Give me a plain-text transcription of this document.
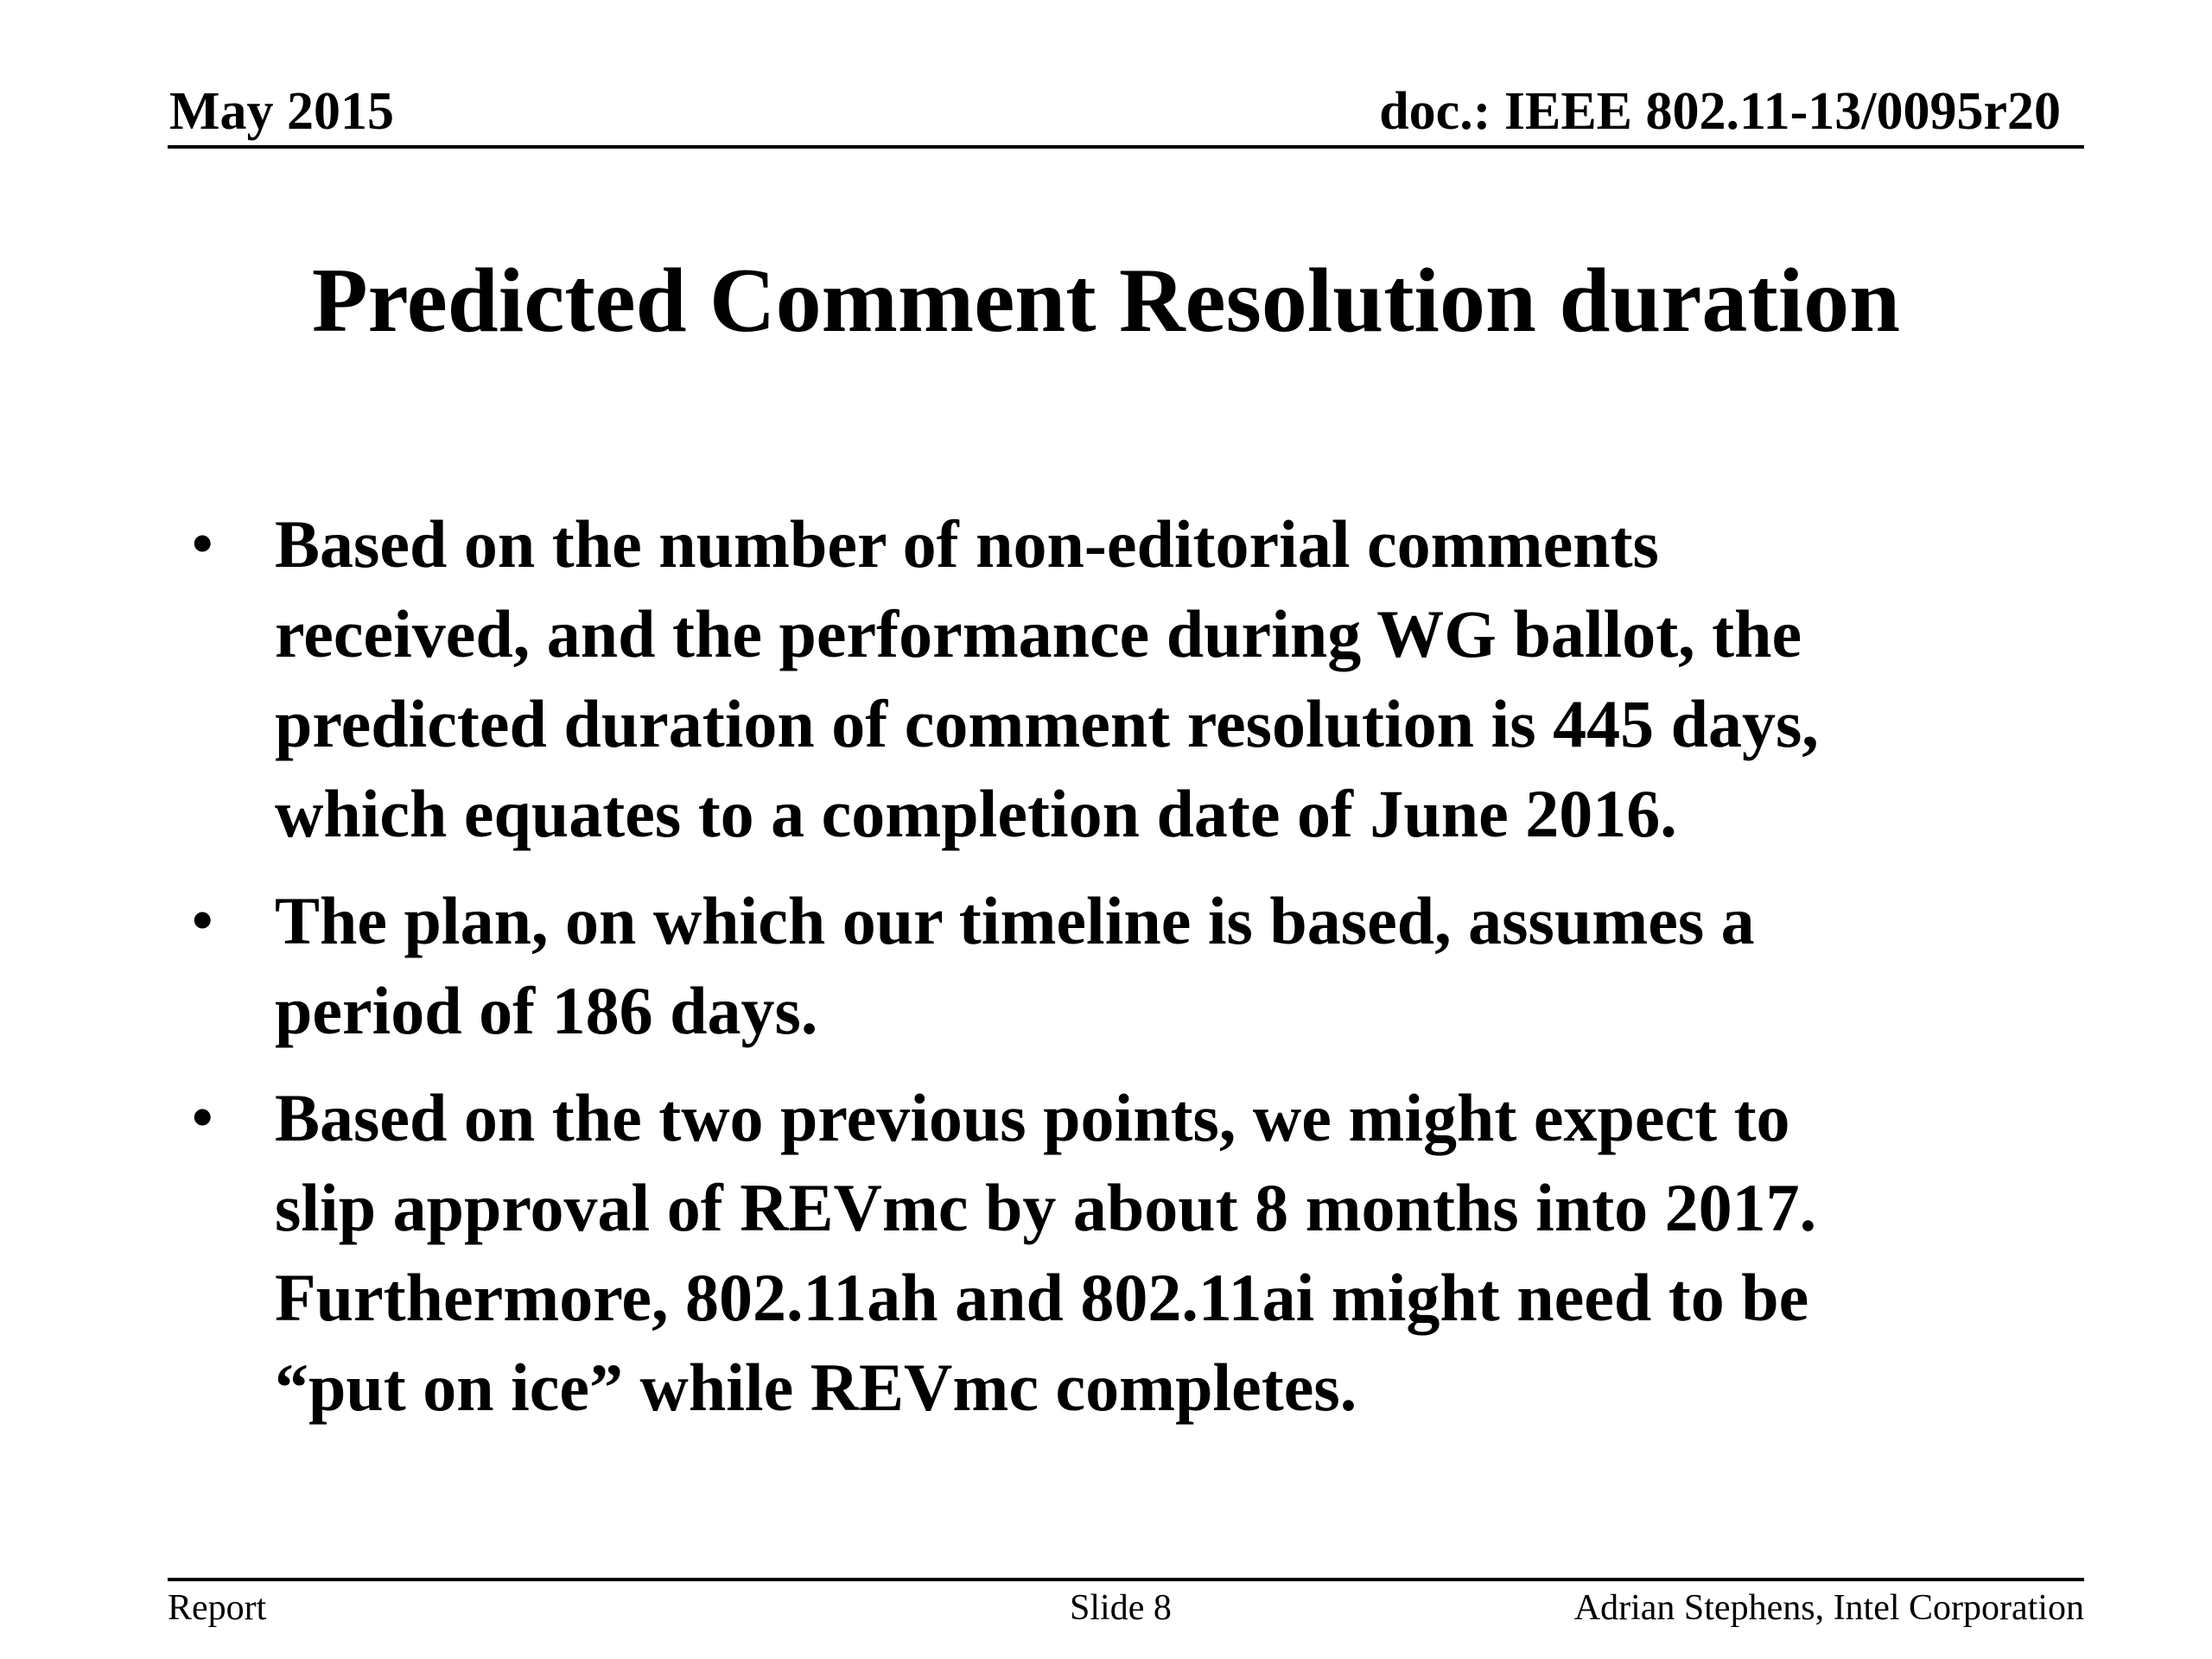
May 2015	doc.: IEEE 802.11-13/0095r20
Predicted Comment Resolution duration
• Based on the number of non-editorial comments
received, and the performance during WG ballot, the
predicted duration of comment resolution is 445 days,
which equates to a completion date of June 2016.
• The plan, on which our timeline is based, assumes a
period of 186 days.
• Based on the two previous points, we might expect to
slip approval of REVmc by about 8 months into 2017.
Furthermore, 802.11ah and 802.11ai might need to be
“put on ice” while REVmc completes.
Report	Slide 8	Adrian Stephens, Intel Corporation
